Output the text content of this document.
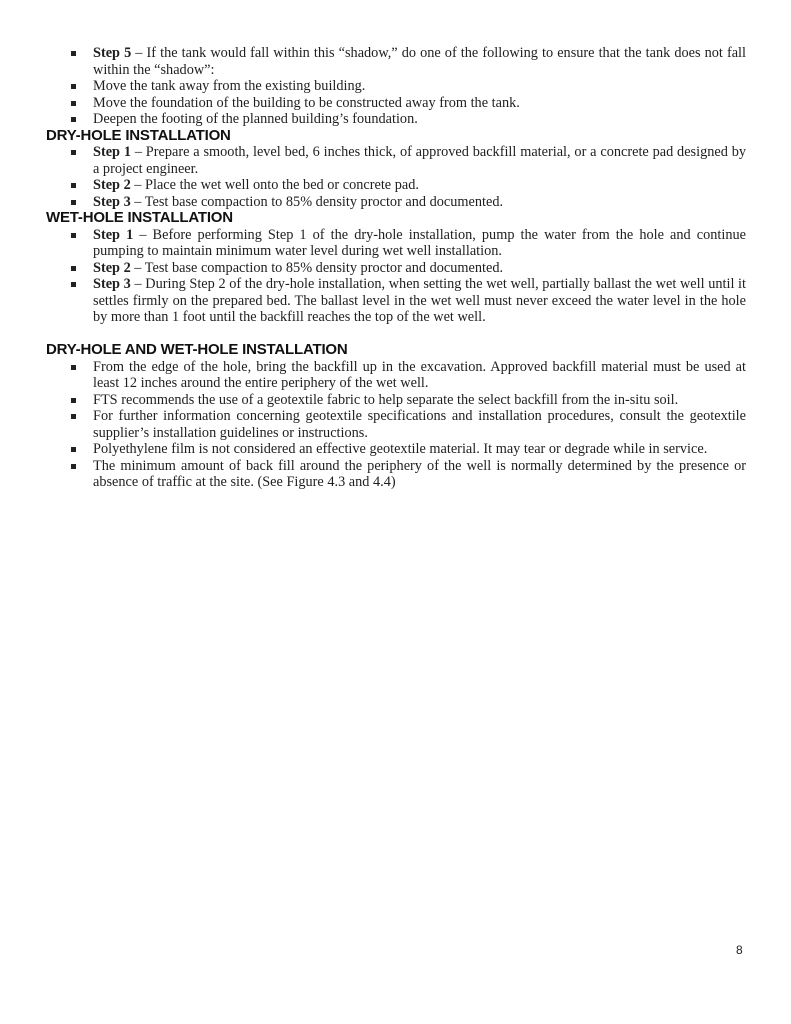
Step 5 – If the tank would fall within this “shadow,” do one of the following to ensure that the tank does not fall within the “shadow”:
Move the tank away from the existing building.
Move the foundation of the building to be constructed away from the tank.
Deepen the footing of the planned building’s foundation.
DRY-HOLE INSTALLATION
Step 1 – Prepare a smooth, level bed, 6 inches thick, of approved backfill material, or a concrete pad designed by a project engineer.
Step 2 – Place the wet well onto the bed or concrete pad.
Step 3 – Test base compaction to 85% density proctor and documented.
WET-HOLE INSTALLATION
Step 1 – Before performing Step 1 of the dry-hole installation, pump the water from the hole and continue pumping to maintain minimum water level during wet well installation.
Step 2 – Test base compaction to 85% density proctor and documented.
Step 3 – During Step 2 of the dry-hole installation, when setting the wet well, partially ballast the wet well until it settles firmly on the prepared bed. The ballast level in the wet well must never exceed the water level in the hole by more than 1 foot until the backfill reaches the top of the wet well.
DRY-HOLE AND WET-HOLE INSTALLATION
From the edge of the hole, bring the backfill up in the excavation. Approved backfill material must be used at least 12 inches around the entire periphery of the wet well.
FTS recommends the use of a geotextile fabric to help separate the select backfill from the in-situ soil.
For further information concerning geotextile specifications and installation procedures, consult the geotextile supplier’s installation guidelines or instructions.
Polyethylene film is not considered an effective geotextile material. It may tear or degrade while in service.
The minimum amount of back fill around the periphery of the well is normally determined by the presence or absence of traffic at the site. (See Figure 4.3 and 4.4)
8
